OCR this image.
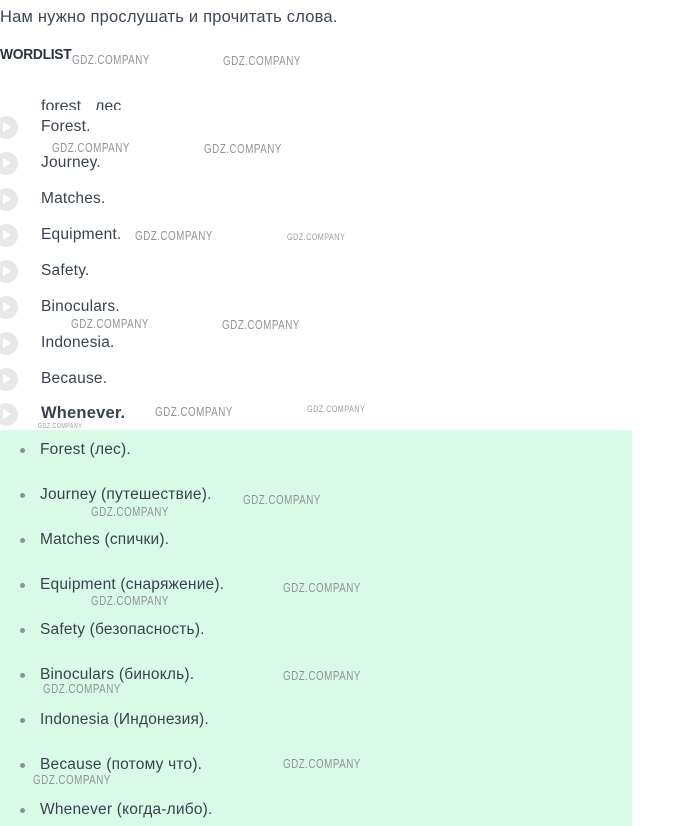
Нам нужно прослушать и прочитать слова.
WORDLIST GDZ.COMPANY	GDZ.COMPANY
GDZ.COMPANY	GDZ.COMPANY
GDZ.COMPANY	GDZ.COMPANY
GDZ.COMPANY	GDZ.COMPANY
GDZ.COMPANY	GDZ.COMPANY
GDZ.COMPANY
forest лес
Forest.
Journey.
Matches.
Equipment.
Safety.
Binoculars.
Indonesia.
Because.
Whenever.
Forest (лес).
Journey (путешествие).
Matches (спички).
Equipment (снаряжение).
Safety (безопасность).
Binoculars (бинокль).
Indonesia (Индонезия).
Because (потому что).
Whenever (когда-либо).
GDZ.COMPANY
GDZ.COMPANY
GDZ.COMPANY
GDZ.COMPANY
GDZ.COMPANY
GDZ.COMPANY
GDZ.COMPANY
GDZ.COMPANY
